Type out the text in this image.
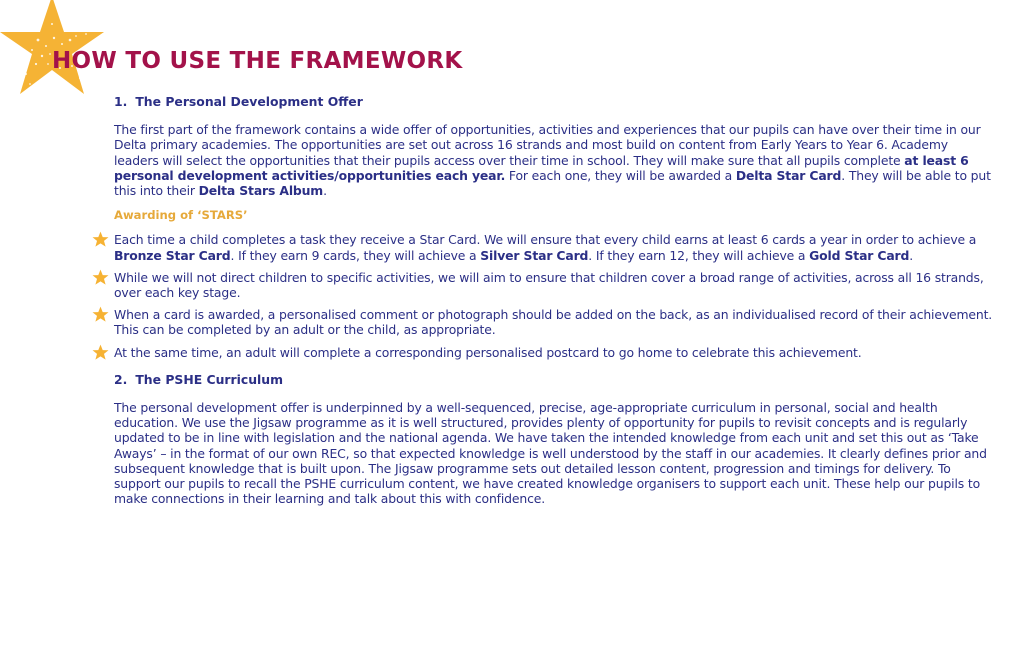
HOW TO USE THE FRAMEWORK
1. The Personal Development Offer

The first part of the framework contains a wide offer of opportunities, activities and experiences that our pupils can have over their time in our Delta primary academies. The opportunities are set out across 16 strands and most build on content from Early Years to Year 6. Academy leaders will select the opportunities that their pupils access over their time in school. They will make sure that all pupils complete at least 6 personal development activities/opportunities each year. For each one, they will be awarded a Delta Star Card. They will be able to put this into their Delta Stars Album.

Awarding of ‘STARS’
Each time a child completes a task they receive a Star Card. We will ensure that every child earns at least 6 cards a year in order to achieve a Bronze Star Card. If they earn 9 cards, they will achieve a Silver Star Card. If they earn 12, they will achieve a Gold Star Card.
While we will not direct children to specific activities, we will aim to ensure that children cover a broad range of activities, across all 16 strands, over each key stage.
When a card is awarded, a personalised comment or photograph should be added on the back, as an individualised record of their achievement. This can be completed by an adult or the child, as appropriate.
At the same time, an adult will complete a corresponding personalised postcard to go home to celebrate this achievement.
2. The PSHE Curriculum

The personal development offer is underpinned by a well-sequenced, precise, age-appropriate curriculum in personal, social and health education. We use the Jigsaw programme as it is well structured, provides plenty of opportunity for pupils to revisit concepts and is regularly updated to be in line with legislation and the national agenda. We have taken the intended knowledge from each unit and set this out as ‘Take Aways’ – in the format of our own REC, so that expected knowledge is well understood by the staff in our academies. It clearly defines prior and subsequent knowledge that is built upon. The Jigsaw programme sets out detailed lesson content, progression and timings for delivery. To support our pupils to recall the PSHE curriculum content, we have created knowledge organisers to support each unit. These help our pupils to make connections in their learning and talk about this with confidence.
